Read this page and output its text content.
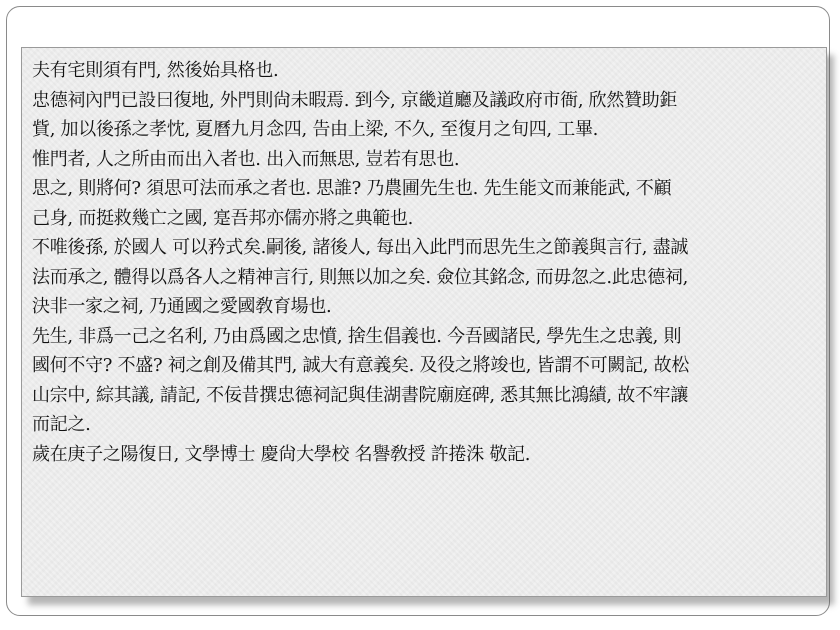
夫有宅則須有門, 然後始具格也.
忠德祠內門已設曰復地, 外門則尙未暇焉. 到今, 京畿道廳及議政府市衙, 欣然贊助鉅
貲, 加以後孫之孝忱, 夏曆九月念四, 告由上梁, 不久, 至復月之旬四, 工畢.
惟門者, 人之所由而出入者也. 出入而無思, 豈若有思也.
思之, 則將何? 須思可法而承之者也. 思誰? 乃農圃先生也. 先生能文而兼能武, 不顧
己身, 而挺救幾亡之國, 寔吾邦亦儒亦將之典範也.
不唯後孫, 於國人 可以矜式矣.嗣後, 諸後人, 每出入此門而思先生之節義與言行, 盡誠
法而承之, 體得以爲各人之精神言行, 則無以加之矣. 僉位其銘念, 而毋忽之.此忠德祠,
決非一家之祠, 乃通國之愛國敎育場也.
先生, 非爲一己之名利, 乃由爲國之忠憤, 捨生倡義也. 今吾國諸民, 學先生之忠義, 則
國何不守? 不盛? 祠之創及備其門, 誠大有意義矣. 及役之將竣也, 皆謂不可闕記, 故松
山宗中, 綜其議, 請記, 不佞昔撰忠德祠記與佳湖書院廟庭碑, 悉其無比鴻績, 故不牢讓
而記之.
歲在庚子之陽復日, 文學博士 慶尙大學校 名譽敎授 許捲洙 敬記.
